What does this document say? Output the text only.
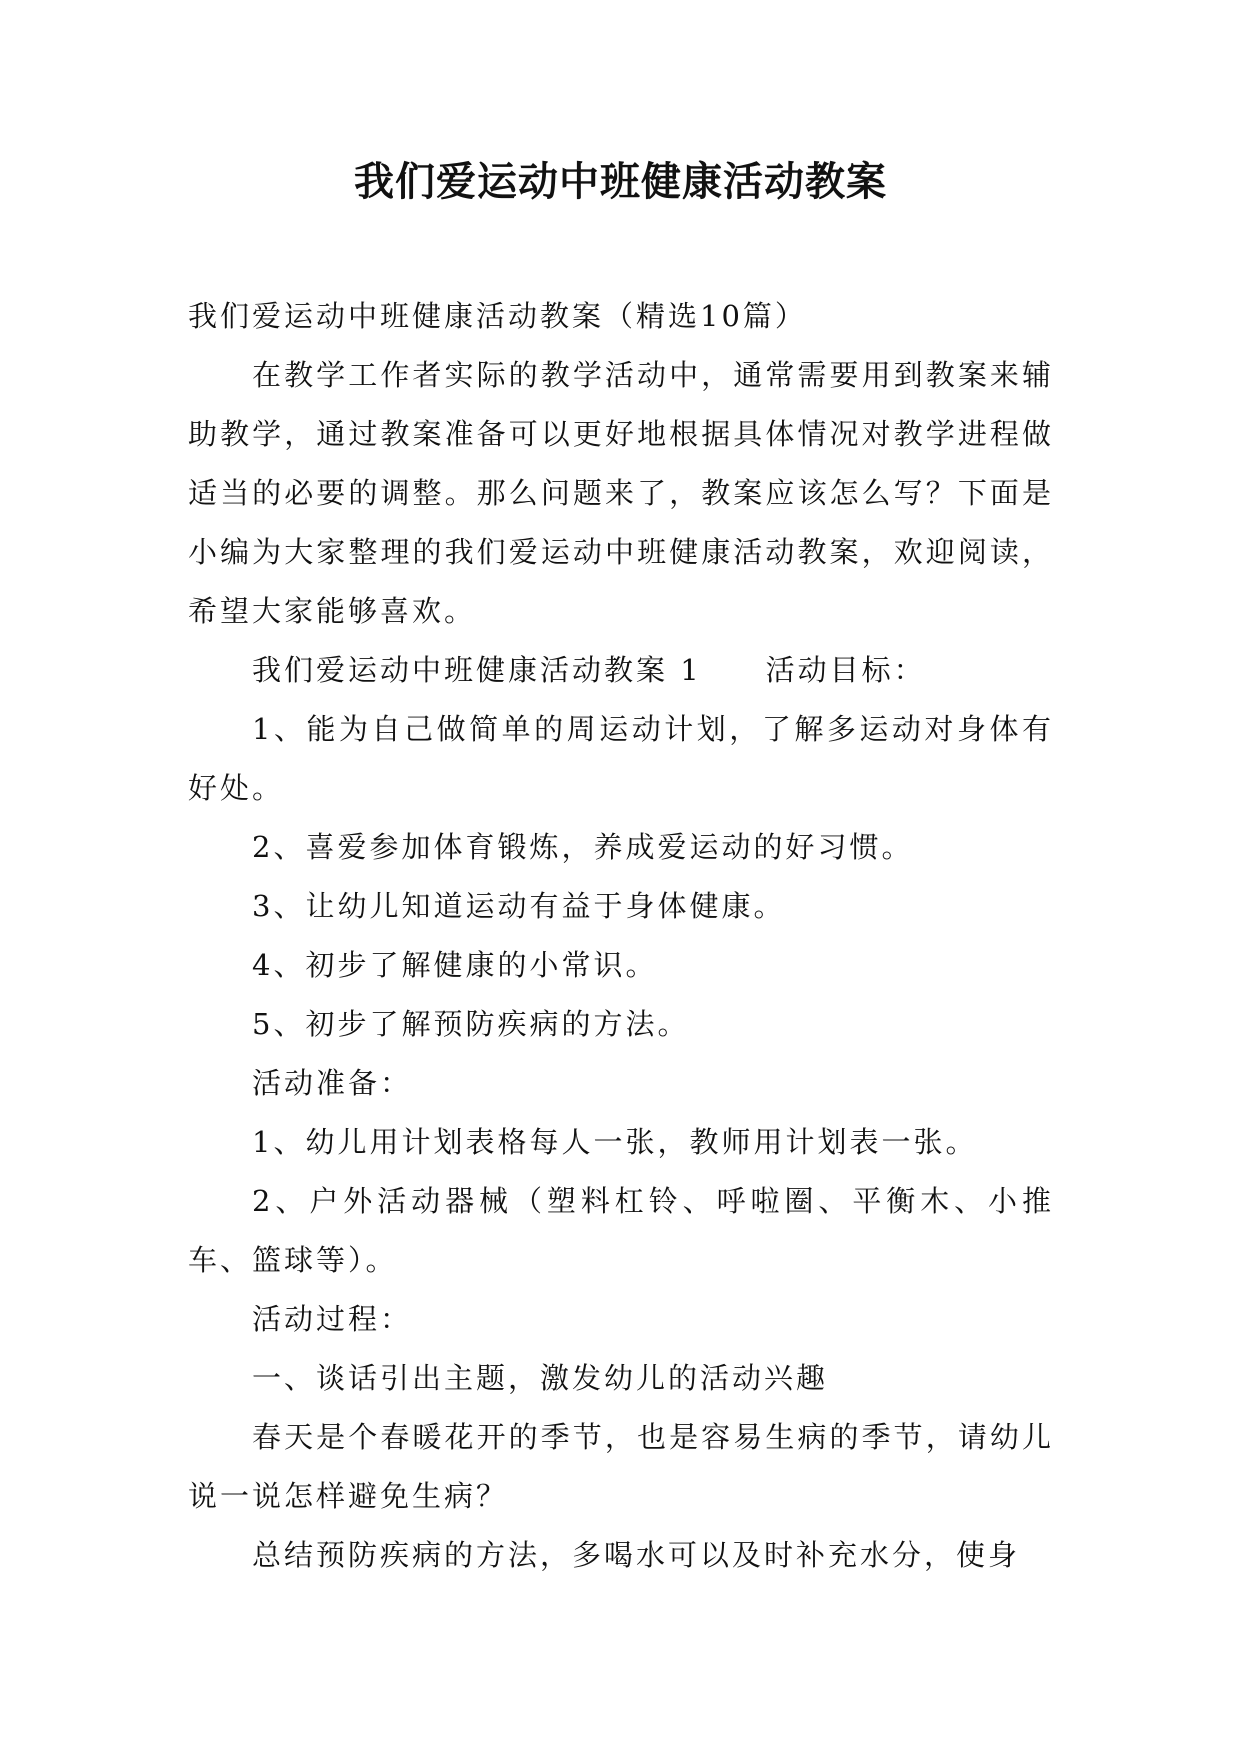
我们爱运动中班健康活动教案

我们爱运动中班健康活动教案（精选10篇）

在教学工作者实际的教学活动中，通常需要用到教案来辅助教学，通过教案准备可以更好地根据具体情况对教学进程做适当的必要的调整。那么问题来了，教案应该怎么写？下面是小编为大家整理的我们爱运动中班健康活动教案，欢迎阅读，希望大家能够喜欢。

我们爱运动中班健康活动教案 1　　活动目标：

1、能为自己做简单的周运动计划，了解多运动对身体有好处。

2、喜爱参加体育锻炼，养成爱运动的好习惯。

3、让幼儿知道运动有益于身体健康。

4、初步了解健康的小常识。

5、初步了解预防疾病的方法。

活动准备：

1、幼儿用计划表格每人一张，教师用计划表一张。

2、户外活动器械（塑料杠铃、呼啦圈、平衡木、小推车、篮球等）。

活动过程：

一、谈话引出主题，激发幼儿的活动兴趣

春天是个春暖花开的季节，也是容易生病的季节，请幼儿说一说怎样避免生病？

总结预防疾病的方法，多喝水可以及时补充水分，使身
